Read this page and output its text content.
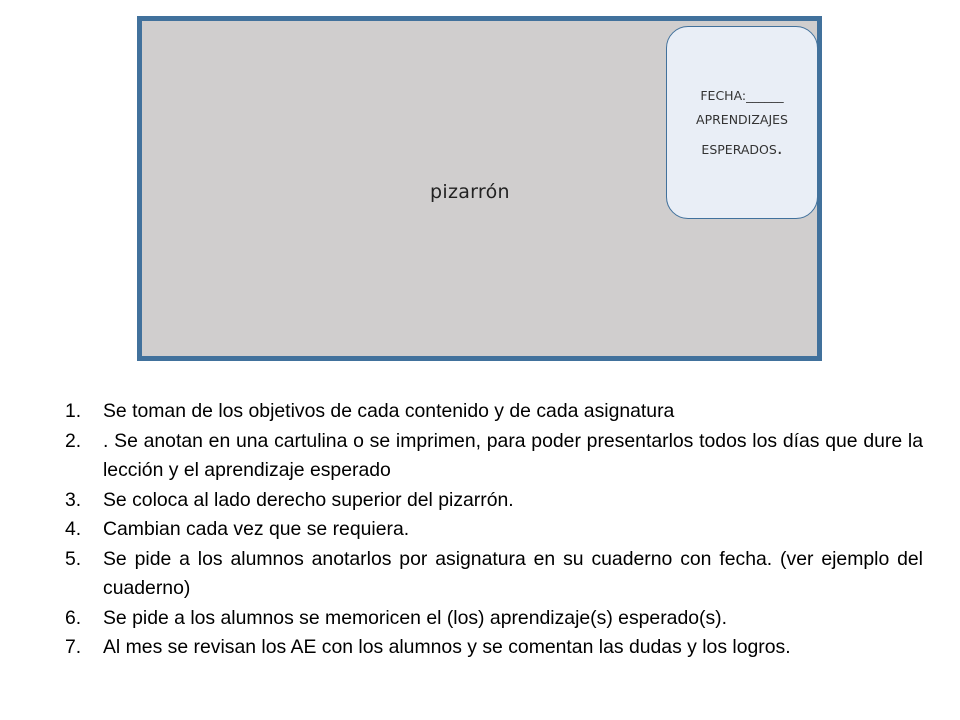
pizarrón
FECHA:______
APRENDIZAJES
ESPERADOS.
1. Se toman de los objetivos de cada contenido y de cada asignatura
2. . Se anotan en una cartulina o se imprimen, para poder presentarlos todos los días que dure la lección y el aprendizaje esperado
3. Se coloca al lado derecho superior del pizarrón.
4. Cambian cada vez que se requiera.
5. Se pide a los alumnos anotarlos por asignatura en su cuaderno con fecha. (ver ejemplo del cuaderno)
6. Se pide a los alumnos se memoricen el (los) aprendizaje(s) esperado(s).
7. Al mes se revisan los AE con los alumnos y se comentan las dudas y los logros.
